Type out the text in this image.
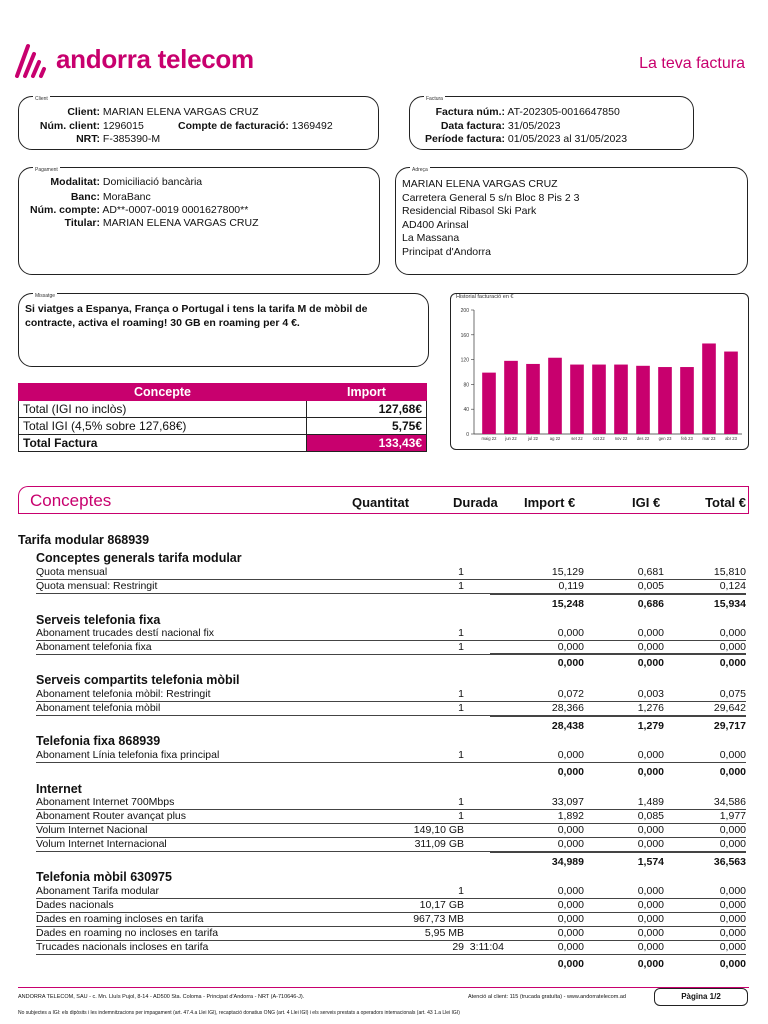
andorra telecom	La teva factura
Client
Client: MARIAN ELENA VARGAS CRUZ
Núm. client: 1296015	Compte de facturació: 1369492
NRT: F-385390-M
Factura
Factura núm.: AT-202305-0016647850
Data factura: 31/05/2023
Període factura: 01/05/2023 al 31/05/2023
Pagament
Modalitat: Domiciliació bancària
Banc: MoraBanc
Núm. compte: AD**-0007-0019 0001627800**
Titular: MARIAN ELENA VARGAS CRUZ
Adreça
MARIAN ELENA VARGAS CRUZ
Carretera General 5 s/n Bloc 8 Pis 2 3
Residencial Ribasol Ski Park
AD400 Arinsal
La Massana
Principat d'Andorra
Missatge
Si viatges a Espanya, França o Portugal i tens la tarifa M de mòbil de contracte, activa el roaming! 30 GB en roaming per 4 €.
Concepte	Import
Total (IGI no inclòs)	127,68€
Total IGI (4,5% sobre 127,68€)	5,75€
Total Factura	133,43€
Historial facturació en €
0
40
80
120
160
200
maig 22 jun 22	jul 22	ag 22	set 22	oct 22 nov 22 des 22 gen 23 feb 23 mar 23 abr 23
Conceptes	Quantitat	Durada Import €	IGI €	Total €
Tarifa modular 868939
Conceptes generals tarifa modular
Quota mensual	1	15,129	0,681	15,810
Quota mensual: Restringit	1	0,119	0,005	0,124
15,248	0,686	15,934
Serveis telefonia fixa
Abonament trucades destí nacional fix	1	0,000	0,000	0,000
Abonament telefonia fixa	1	0,000	0,000	0,000
0,000	0,000	0,000
Serveis compartits telefonia mòbil
Abonament telefonia mòbil: Restringit	1	0,072	0,003	0,075
Abonament telefonia mòbil	1	28,366	1,276	29,642
28,438	1,279	29,717
Telefonia fixa 868939
Abonament Línia telefonia fixa principal	1	0,000	0,000	0,000
0,000	0,000	0,000
Internet
Abonament Internet 700Mbps	1	33,097	1,489	34,586
Abonament Router avançat plus	1	1,892	0,085	1,977
Volum Internet Nacional	149,10 GB	0,000	0,000	0,000
Volum Internet Internacional	311,09 GB	0,000	0,000	0,000
34,989	1,574	36,563
Telefonia mòbil 630975
Abonament Tarifa modular	1	0,000	0,000	0,000
Dades nacionals	10,17 GB	0,000	0,000	0,000
Dades en roaming incloses en tarifa	967,73 MB	0,000	0,000	0,000
Dades en roaming no incloses en tarifa	5,95 MB	0,000	0,000	0,000
Trucades nacionals incloses en tarifa	29 3:11:04	0,000	0,000	0,000
0,000	0,000	0,000
ANDORRA TELECOM, SAU - c. Mn. Lluís Pujol, 8-14 - AD500 Sta. Coloma - Principat d'Andorra - NRT (A-710646-J).	Atenció al client: 115 (trucada gratuïta) - www.andorratelecom.ad	Pàgina 1/2
No subjectes a IGI: els dipòsits i les indemnitzacions per impagament (art. 47.4.a Llei IGI), recaptació donatius ONG (art. 4 Llei IGI) i els serveis prestats a operadors internacionals (art. 43 1.a Llei IGI)
